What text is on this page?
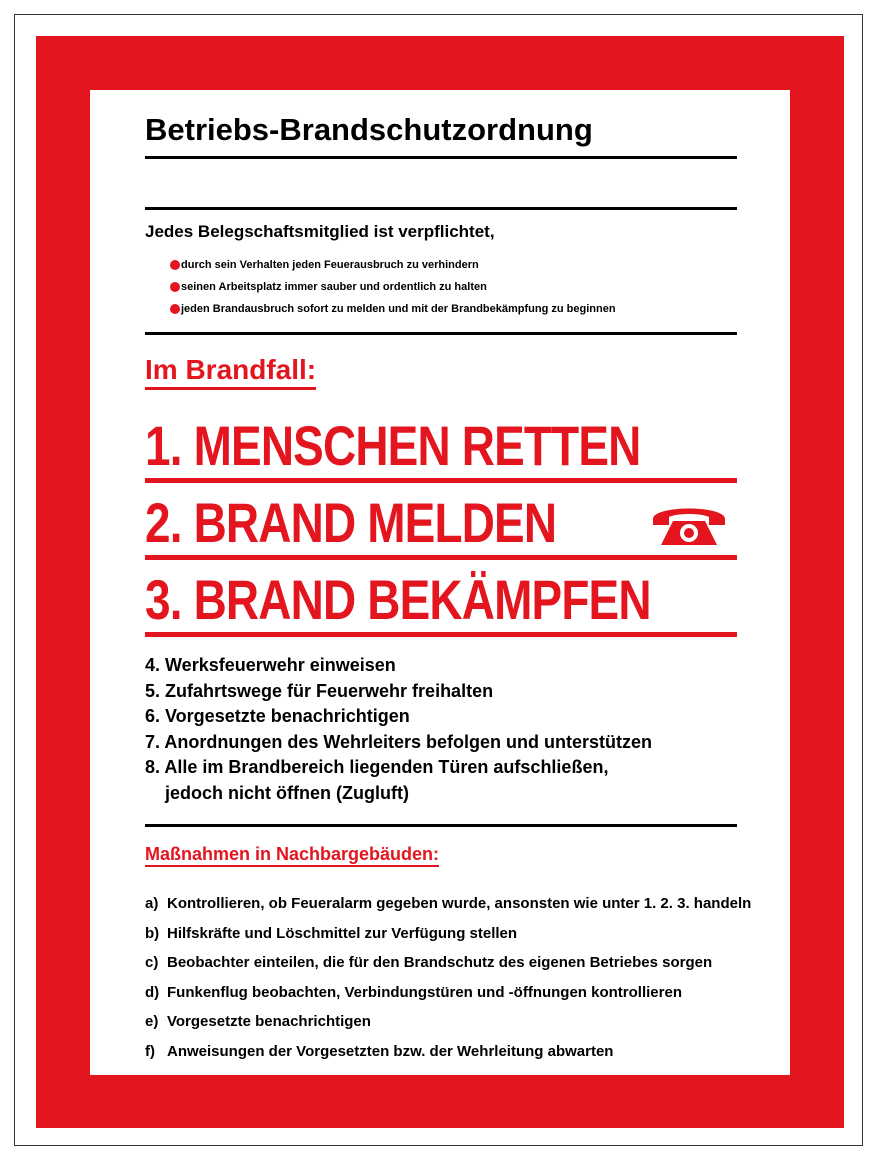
Betriebs-Brandschutzordnung
Jedes Belegschaftsmitglied ist verpflichtet,
durch sein Verhalten jeden Feuerausbruch zu verhindern
seinen Arbeitsplatz immer sauber und ordentlich zu halten
jeden Brandausbruch sofort zu melden und mit der Brandbekämpfung zu beginnen
Im Brandfall:
1. MENSCHEN RETTEN
2. BRAND MELDEN
3. BRAND BEKÄMPFEN
4. Werksfeuerwehr einweisen
5. Zufahrtswege für Feuerwehr freihalten
6. Vorgesetzte benachrichtigen
7. Anordnungen des Wehrleiters befolgen und unterstützen
8. Alle im Brandbereich liegenden Türen aufschließen,
jedoch nicht öffnen (Zugluft)
Maßnahmen in Nachbargebäuden:
a) Kontrollieren, ob Feueralarm gegeben wurde, ansonsten wie unter 1. 2. 3. handeln
b) Hilfskräfte und Löschmittel zur Verfügung stellen
c) Beobachter einteilen, die für den Brandschutz des eigenen Betriebes sorgen
d) Funkenflug beobachten, Verbindungstüren und -öffnungen kontrollieren
e) Vorgesetzte benachrichtigen
f) Anweisungen der Vorgesetzten bzw. der Wehrleitung abwarten
